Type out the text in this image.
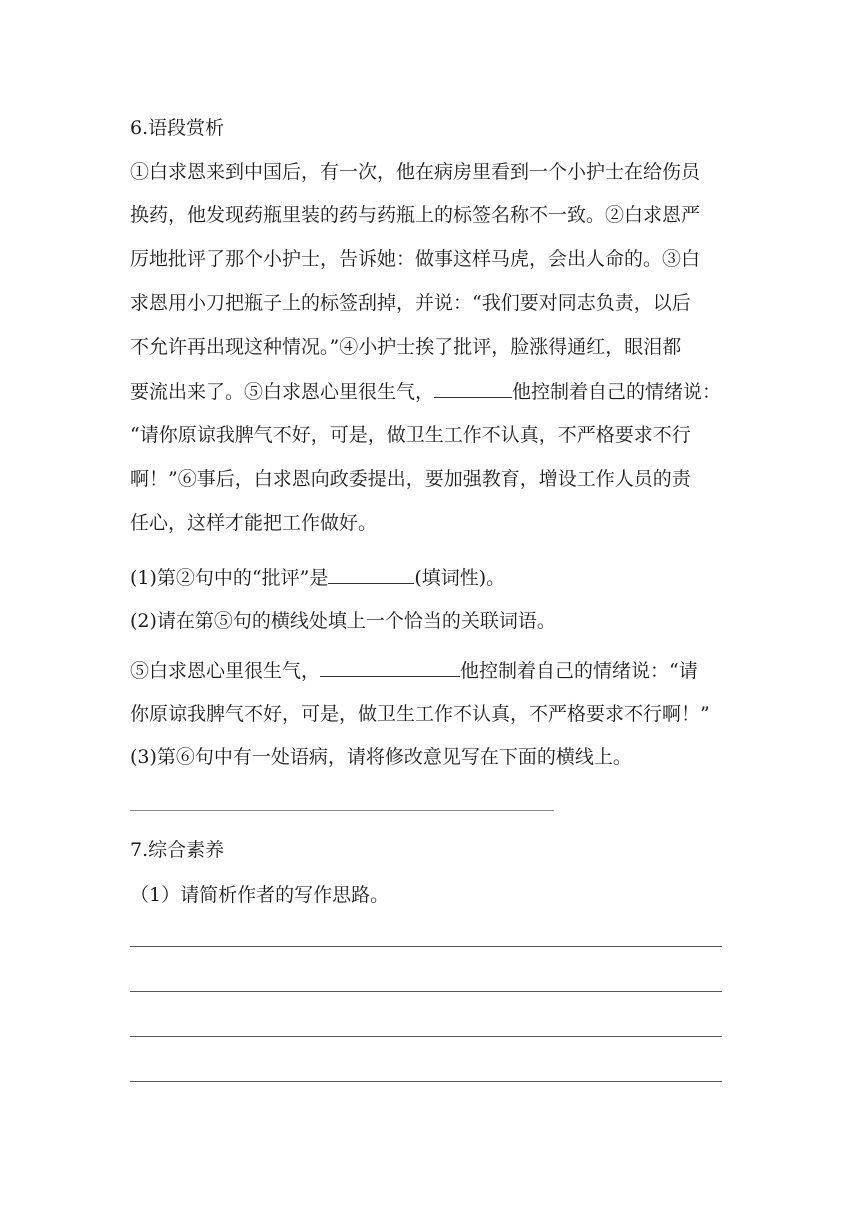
6.语段赏析
①白求恩来到中国后，有一次，他在病房里看到一个小护士在给伤员
换药，他发现药瓶里装的药与药瓶上的标签名称不一致。②白求恩严
厉地批评了那个小护士，告诉她：做事这样马虎，会出人命的。③白
求恩用小刀把瓶子上的标签刮掉，并说：“我们要对同志负责，以后
不允许再出现这种情况。”④小护士挨了批评，脸涨得通红，眼泪都
要流出来了。⑤白求恩心里很生气，	他控制着自己的情绪说：
“请你原谅我脾气不好，可是，做卫生工作不认真，不严格要求不行
啊！”⑥事后，白求恩向政委提出，要加强教育，增设工作人员的责
任心，这样才能把工作做好。
(1)第②句中的“批评”是	(填词性)。
(2)请在第⑤句的横线处填上一个恰当的关联词语。
⑤白求恩心里很生气，	他控制着自己的情绪说：“请
你原谅我脾气不好，可是，做卫生工作不认真，不严格要求不行啊！”
(3)第⑥句中有一处语病，请将修改意见写在下面的横线上。
7.综合素养
（1）请简析作者的写作思路。
